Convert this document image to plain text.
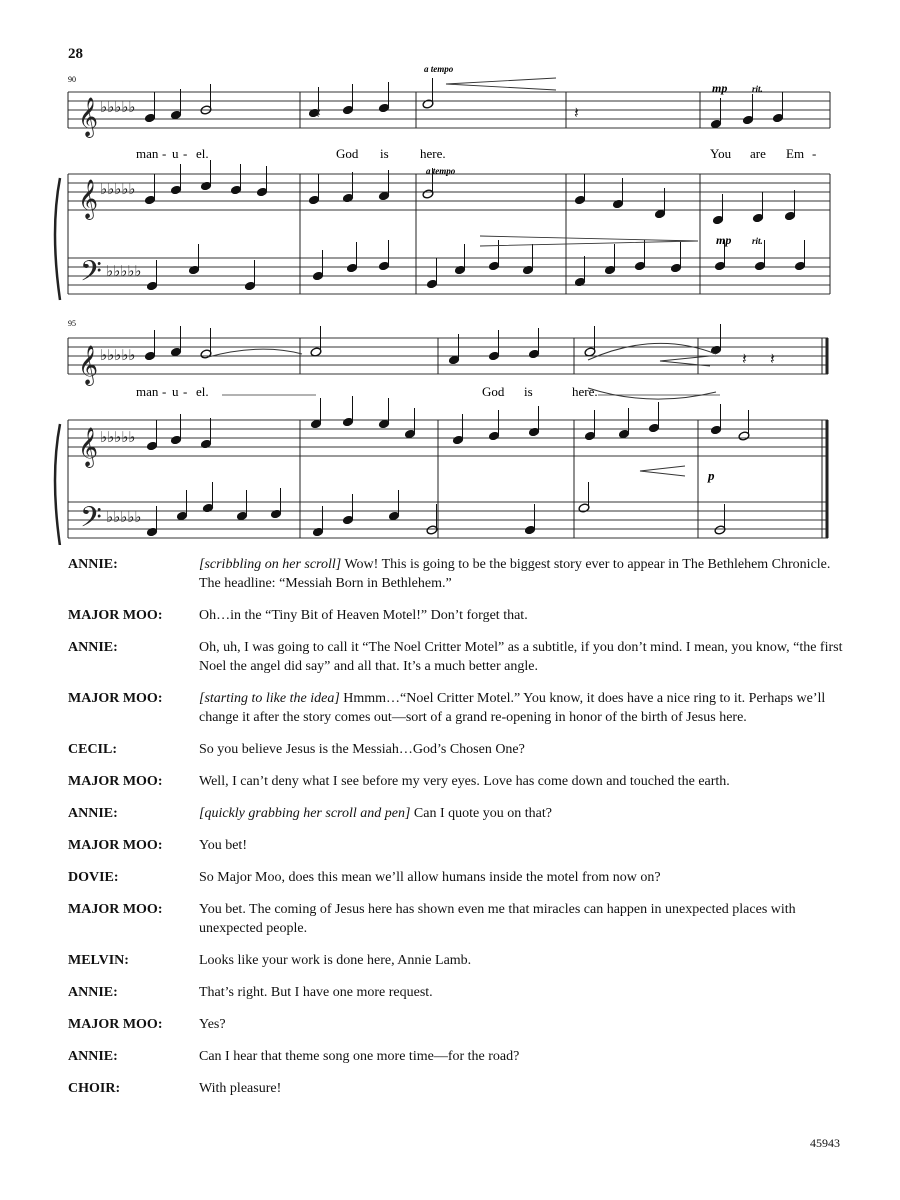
28
𝄽	𝄽
𝄽 𝄽
𝄞
𝄞
𝄢
𝄞
𝄞
𝄢
♭♭♭♭♭
♭♭♭♭♭
♭♭♭♭♭
♭♭♭♭♭
♭♭♭♭♭
♭♭♭♭♭
90
95
a tempo
a tempo
mp	rit.
mp rit.
p
man - u - el.	God is here.	You are Em -
man - u - el.	God is	here.
ANNIE:	[scribbling on her scroll] Wow! This is going to be the biggest story ever to appear in The Bethlehem Chronicle. The headline: “Messiah Born in Bethlehem.”
MAJOR MOO:	Oh…in the “Tiny Bit of Heaven Motel!” Don’t forget that.
ANNIE:	Oh, uh, I was going to call it “The Noel Critter Motel” as a subtitle, if you don’t mind. I mean, you know, “the first Noel the angel did say” and all that. It’s a much better angle.
MAJOR MOO:	[starting to like the idea] Hmmm…“Noel Critter Motel.” You know, it does have a nice ring to it. Perhaps we’ll change it after the story comes out—sort of a grand re-opening in honor of the birth of Jesus here.
CECIL:	So you believe Jesus is the Messiah…God’s Chosen One?
MAJOR MOO:	Well, I can’t deny what I see before my very eyes. Love has come down and touched the earth.
ANNIE:	[quickly grabbing her scroll and pen] Can I quote you on that?
MAJOR MOO:	You bet!
DOVIE:	So Major Moo, does this mean we’ll allow humans inside the motel from now on?
MAJOR MOO:	You bet. The coming of Jesus here has shown even me that miracles can happen in unexpected places with unexpected people.
MELVIN:	Looks like your work is done here, Annie Lamb.
ANNIE:	That’s right. But I have one more request.
MAJOR MOO:	Yes?
ANNIE:	Can I hear that theme song one more time—for the road?
CHOIR:	With pleasure!
45943
